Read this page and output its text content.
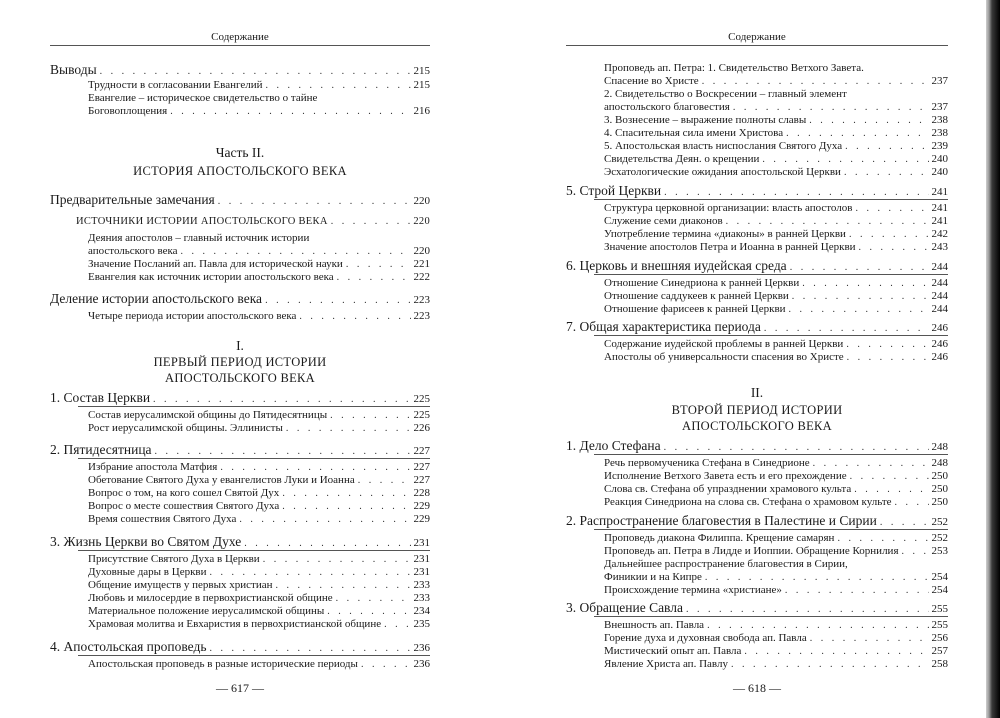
Содержание
Выводы . . .	215
Трудности в согласовании Евангелий . . .	215
Евангелие – историческое свидетельство о тайне
Боговоплощения . . .	216
Часть II.
ИСТОРИЯ АПОСТОЛЬСКОГО ВЕКА
Предварительные замечания . . .	220
ИСТОЧНИКИ ИСТОРИИ АПОСТОЛЬСКОГО ВЕКА . . .	220
Деяния апостолов – главный источник истории
апостольского века . . .	220
Значение Посланий ап. Павла для исторической науки . . .	221
Евангелия как источник истории апостольского века . . .	222
Деление истории апостольского века . . .	223
Четыре периода истории апостольского века . . .	223
I.
ПЕРВЫЙ ПЕРИОД ИСТОРИИ
АПОСТОЛЬСКОГО ВЕКА
1. Состав Церкви . . .	225
Состав иерусалимской общины до Пятидесятницы . . .	225
Рост иерусалимской общины. Эллинисты . . .	226
2. Пятидесятница . . .	227
Избрание апостола Матфия . . .	227
Обетование Святого Духа у евангелистов Луки и Иоанна . . .	227
Вопрос о том, на кого сошел Святой Дух . . .	228
Вопрос о месте сошествия Святого Духа . . .	229
Время сошествия Святого Духа . . .	229
3. Жизнь Церкви во Святом Духе . . .	231
Присутствие Святого Духа в Церкви . . .	231
Духовные дары в Церкви . . .	231
Общение имуществ у первых христиан . . .	233
Любовь и милосердие в первохристианской общине . . .	233
Материальное положение иерусалимской общины . . .	234
Храмовая молитва и Евхаристия в первохристианской общине . . .	235
4. Апостольская проповедь . . .	236
Апостольская проповедь в разные исторические периоды . . .	236
— 617 —
Содержание
Проповедь ап. Петра: 1. Свидетельство Ветхого Завета.
Спасение во Христе . . .	237
2. Свидетельство о Воскресении – главный элемент
апостольского благовестия . . .	237
3. Вознесение – выражение полноты славы . . .	238
4. Спасительная сила имени Христова . . .	238
5. Апостольская власть ниспослания Святого Духа . . .	239
Свидетельства Деян. о крещении . . .	240
Эсхатологические ожидания апостольской Церкви . . .	240
5. Строй Церкви . . .	241
Структура церковной организации: власть апостолов . . .	241
Служение семи диаконов . . .	241
Употребление термина «диаконы» в ранней Церкви . . .	242
Значение апостолов Петра и Иоанна в ранней Церкви . . .	243
6. Церковь и внешняя иудейская среда . . .	244
Отношение Синедриона к ранней Церкви . . .	244
Отношение саддукеев к ранней Церкви . . .	244
Отношение фарисеев к ранней Церкви . . .	244
7. Общая характеристика периода . . .	246
Содержание иудейской проблемы в ранней Церкви . . .	246
Апостолы об универсальности спасения во Христе . . .	246
II.
ВТОРОЙ ПЕРИОД ИСТОРИИ
АПОСТОЛЬСКОГО ВЕКА
1. Дело Стефана . . .	248
Речь первомученика Стефана в Синедрионе . . .	248
Исполнение Ветхого Завета есть и его прехождение . . .	250
Слова св. Стефана об упразднении храмового культа . . .	250
Реакция Синедриона на слова св. Стефана о храмовом культе . . .	250
2. Распространение благовестия в Палестине и Сирии . . .	252
Проповедь диакона Филиппа. Крещение самарян . . .	252
Проповедь ап. Петра в Лидде и Иоппии. Обращение Корнилия . . .	253
Дальнейшее распространение благовестия в Сирии,
Финикии и на Кипре . . .	254
Происхождение термина «христиане» . . .	254
3. Обращение Савла . . .	255
Внешность ап. Павла . . .	255
Горение духа и духовная свобода ап. Павла . . .	256
Мистический опыт ап. Павла . . .	257
Явление Христа ап. Павлу . . .	258
— 618 —
